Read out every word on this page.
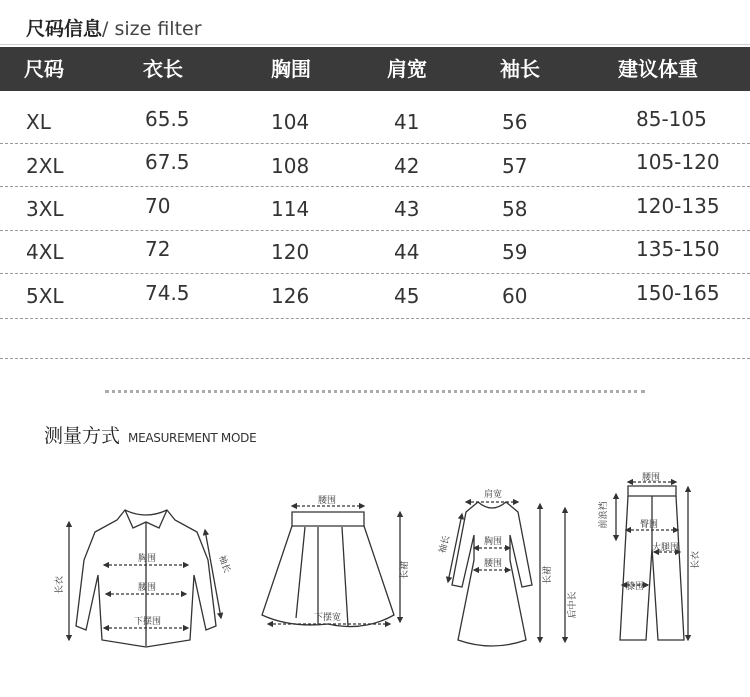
尺码信息/ size filter
尺码	衣长	胸围	肩宽	袖长	建议体重
XL	65.5	104	41	56	85-105
2XL	67.5	108	42	57	105-120
3XL	70	114	43	58	120-135
4XL	72	120	44	59	135-150
5XL	74.5	126	45	60	150-165
测量方式 MEASUREMENT MODE
胸围
腰围
下摆围
长衣
袖长
腰围
下摆宽
长裙
肩宽
胸围
腰围
袖长
长裙
后中长
腰围
臀围
大腿围
膝围
前浪裆
长衣
